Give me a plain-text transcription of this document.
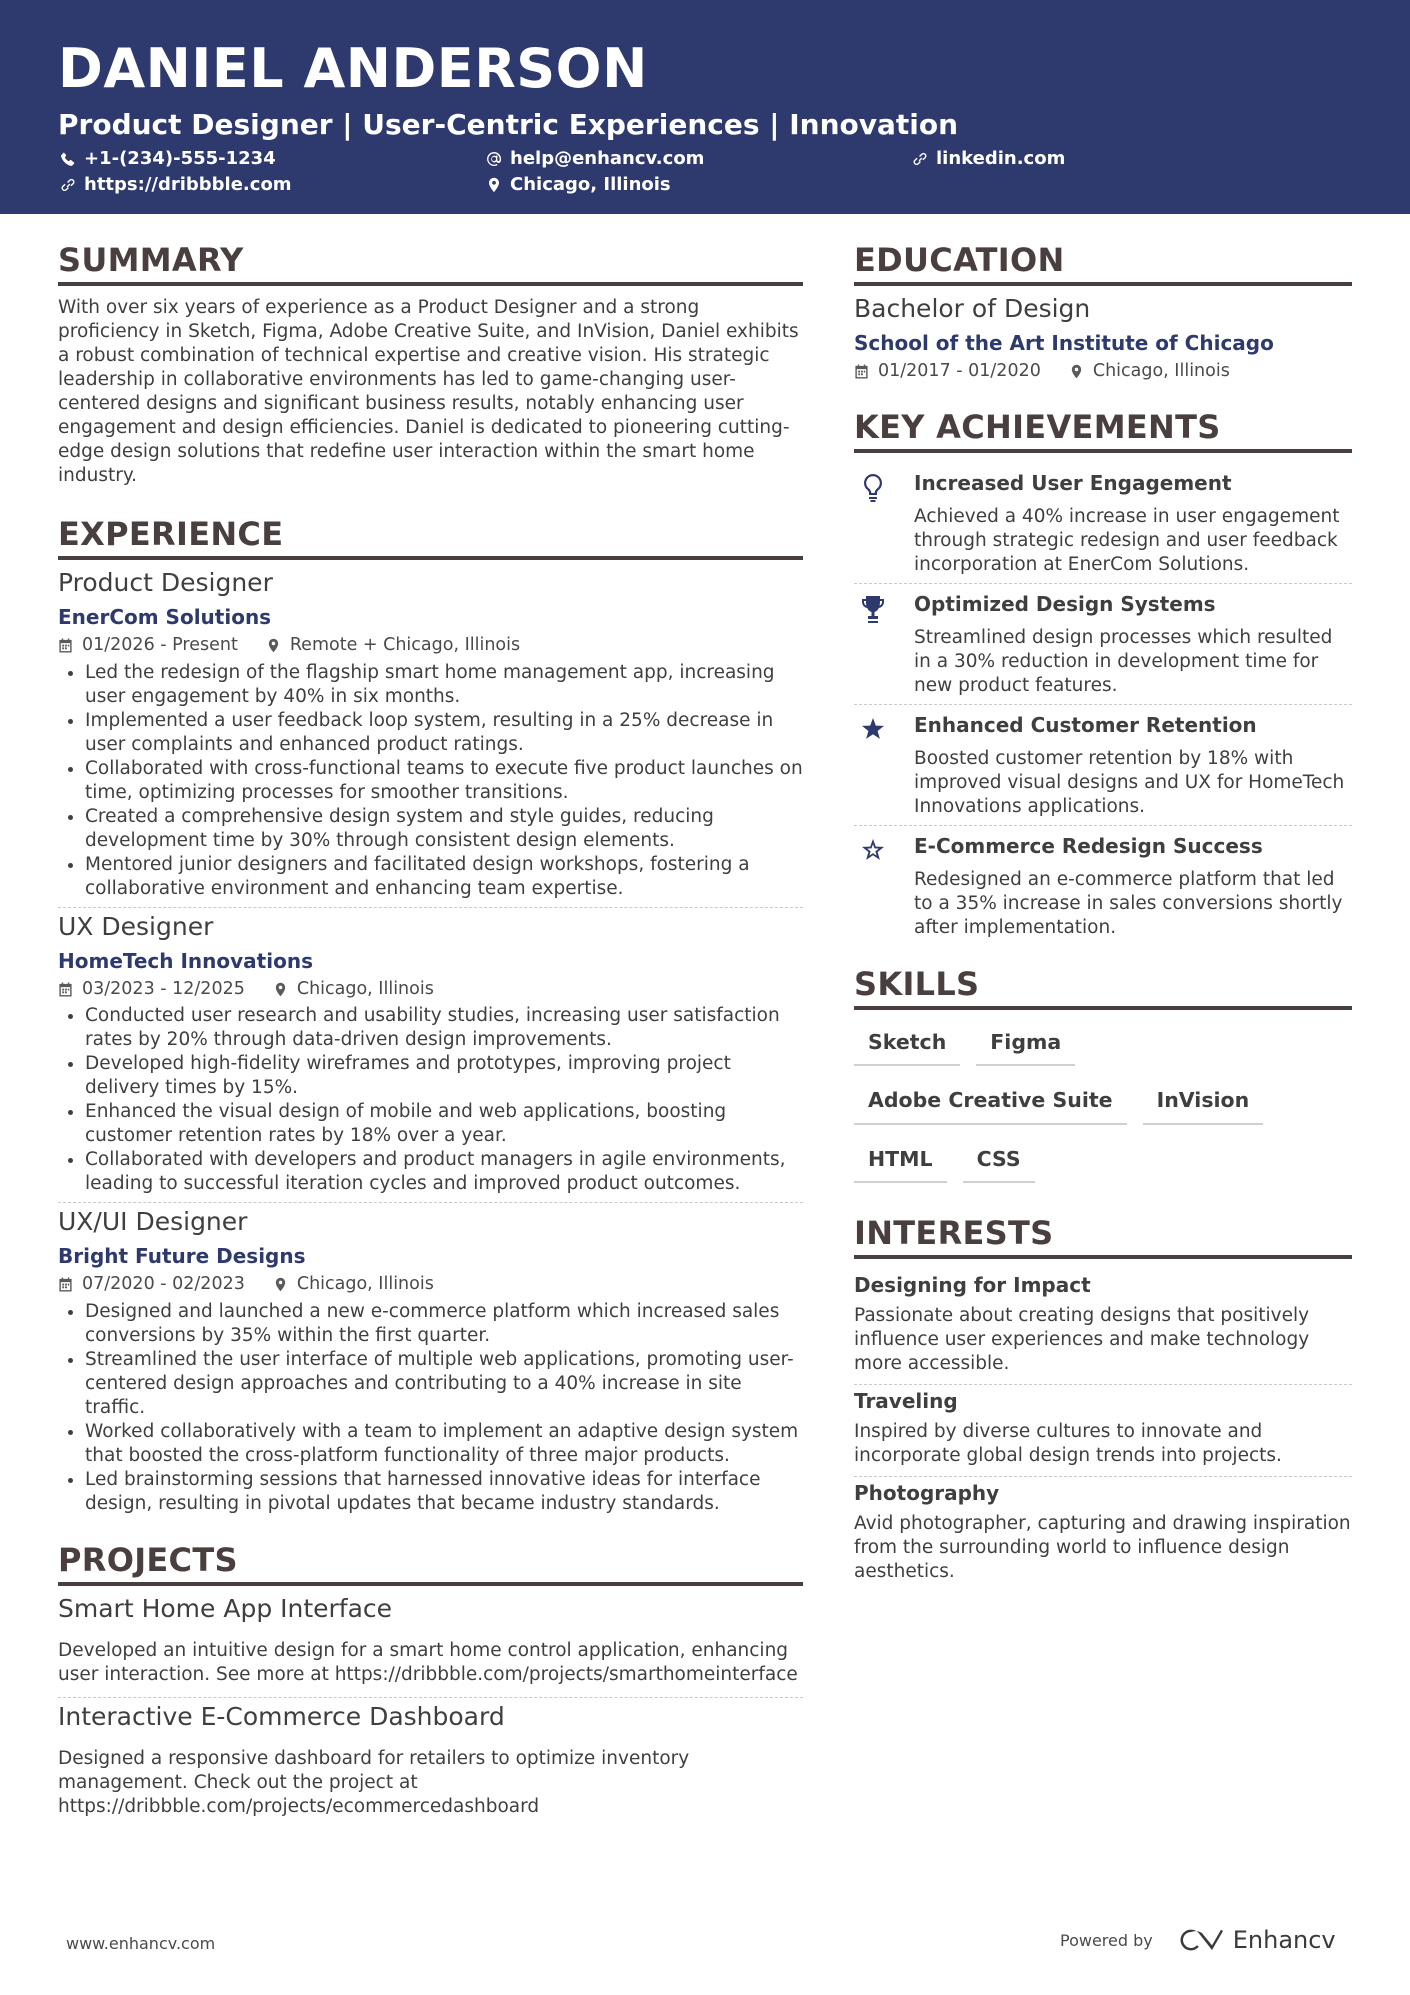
DANIEL ANDERSON
Product Designer | User-Centric Experiences | Innovation
+1-(234)-555-1234	help@enhancv.com	linkedin.com
https://dribbble.com	Chicago, Illinois
SUMMARY
With over six years of experience as a Product Designer and a strong proficiency in Sketch, Figma, Adobe Creative Suite, and InVision, Daniel exhibits a robust combination of technical expertise and creative vision. His strategic leadership in collaborative environments has led to game-changing user-centered designs and significant business results, notably enhancing user engagement and design efficiencies. Daniel is dedicated to pioneering cutting-edge design solutions that redefine user interaction within the smart home industry.
EXPERIENCE
Product Designer
EnerCom Solutions
01/2026 - Present	Remote + Chicago, Illinois
• Led the redesign of the flagship smart home management app, increasing user engagement by 40% in six months.
• Implemented a user feedback loop system, resulting in a 25% decrease in user complaints and enhanced product ratings.
• Collaborated with cross-functional teams to execute five product launches on time, optimizing processes for smoother transitions.
• Created a comprehensive design system and style guides, reducing development time by 30% through consistent design elements.
• Mentored junior designers and facilitated design workshops, fostering a collaborative environment and enhancing team expertise.
UX Designer
HomeTech Innovations
03/2023 - 12/2025	Chicago, Illinois
• Conducted user research and usability studies, increasing user satisfaction rates by 20% through data-driven design improvements.
• Developed high-fidelity wireframes and prototypes, improving project delivery times by 15%.
• Enhanced the visual design of mobile and web applications, boosting customer retention rates by 18% over a year.
• Collaborated with developers and product managers in agile environments, leading to successful iteration cycles and improved product outcomes.
UX/UI Designer
Bright Future Designs
07/2020 - 02/2023	Chicago, Illinois
• Designed and launched a new e-commerce platform which increased sales conversions by 35% within the first quarter.
• Streamlined the user interface of multiple web applications, promoting user-centered design approaches and contributing to a 40% increase in site traffic.
• Worked collaboratively with a team to implement an adaptive design system that boosted the cross-platform functionality of three major products.
• Led brainstorming sessions that harnessed innovative ideas for interface design, resulting in pivotal updates that became industry standards.
PROJECTS
Smart Home App Interface
Developed an intuitive design for a smart home control application, enhancing user interaction. See more at https://dribbble.com/projects/smarthomeinterface
Interactive E-Commerce Dashboard
Designed a responsive dashboard for retailers to optimize inventory management. Check out the project at https://dribbble.com/projects/ecommercedashboard
EDUCATION
Bachelor of Design
School of the Art Institute of Chicago
01/2017 - 01/2020	Chicago, Illinois
KEY ACHIEVEMENTS
Increased User Engagement
Achieved a 40% increase in user engagement through strategic redesign and user feedback incorporation at EnerCom Solutions.
Optimized Design Systems
Streamlined design processes which resulted in a 30% reduction in development time for new product features.
Enhanced Customer Retention
Boosted customer retention by 18% with improved visual designs and UX for HomeTech Innovations applications.
E-Commerce Redesign Success
Redesigned an e-commerce platform that led to a 35% increase in sales conversions shortly after implementation.
SKILLS
Sketch	Figma
Adobe Creative Suite	InVision
HTML	CSS
INTERESTS
Designing for Impact
Passionate about creating designs that positively influence user experiences and make technology more accessible.
Traveling
Inspired by diverse cultures to innovate and incorporate global design trends into projects.
Photography
Avid photographer, capturing and drawing inspiration from the surrounding world to influence design aesthetics.
www.enhancv.com	Powered by	Enhancv
